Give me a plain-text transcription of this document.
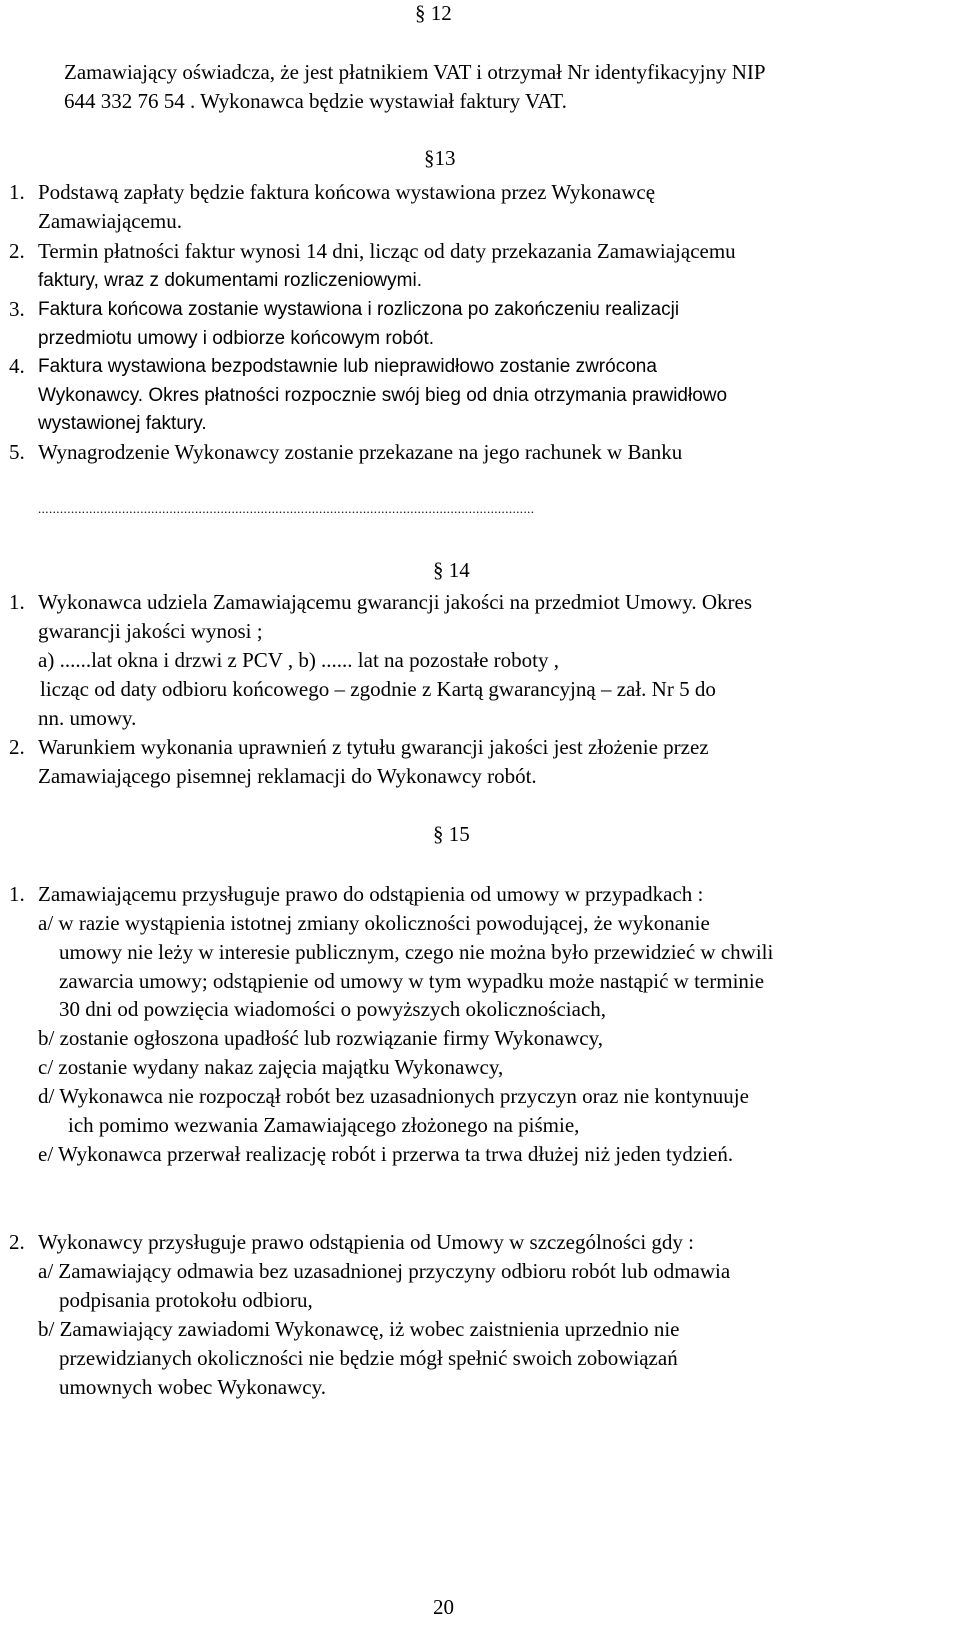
§ 12
Zamawiający oświadcza, że jest płatnikiem VAT i otrzymał Nr identyfikacyjny NIP
644 332 76 54 . Wykonawca będzie wystawiał faktury VAT.
§13
1. Podstawą zapłaty będzie faktura końcowa wystawiona przez Wykonawcę
Zamawiającemu.
2. Termin płatności faktur wynosi 14 dni, licząc od daty przekazania Zamawiającemu
faktury, wraz z dokumentami rozliczeniowymi.
3. Faktura końcowa zostanie wystawiona i rozliczona po zakończeniu realizacji
przedmiotu umowy i odbiorze końcowym robót.
4. Faktura wystawiona bezpodstawnie lub nieprawidłowo zostanie zwrócona
Wykonawcy. Okres płatności rozpocznie swój bieg od dnia otrzymania prawidłowo
wystawionej faktury.
5. Wynagrodzenie Wykonawcy zostanie przekazane na jego rachunek w Banku
........................................................................................................................................
§ 14
1. Wykonawca udziela Zamawiającemu gwarancji jakości na przedmiot Umowy. Okres
gwarancji jakości wynosi ;
a) ......lat okna i drzwi z PCV , b) ...... lat na pozostałe roboty ,
licząc od daty odbioru końcowego – zgodnie z Kartą gwarancyjną – zał. Nr 5 do
nn. umowy.
2. Warunkiem wykonania uprawnień z tytułu gwarancji jakości jest złożenie przez
Zamawiającego pisemnej reklamacji do Wykonawcy robót.
§ 15
1. Zamawiającemu przysługuje prawo do odstąpienia od umowy w przypadkach :
a/ w razie wystąpienia istotnej zmiany okoliczności powodującej, że wykonanie
umowy nie leży w interesie publicznym, czego nie można było przewidzieć w chwili
zawarcia umowy; odstąpienie od umowy w tym wypadku może nastąpić w terminie
30 dni od powzięcia wiadomości o powyższych okolicznościach,
b/ zostanie ogłoszona upadłość lub rozwiązanie firmy Wykonawcy,
c/ zostanie wydany nakaz zajęcia majątku Wykonawcy,
d/ Wykonawca nie rozpoczął robót bez uzasadnionych przyczyn oraz nie kontynuuje
ich pomimo wezwania Zamawiającego złożonego na piśmie,
e/ Wykonawca przerwał realizację robót i przerwa ta trwa dłużej niż jeden tydzień.
2. Wykonawcy przysługuje prawo odstąpienia od Umowy w szczególności gdy :
a/ Zamawiający odmawia bez uzasadnionej przyczyny odbioru robót lub odmawia
podpisania protokołu odbioru,
b/ Zamawiający zawiadomi Wykonawcę, iż wobec zaistnienia uprzednio nie
przewidzianych okoliczności nie będzie mógł spełnić swoich zobowiązań
umownych wobec Wykonawcy.
20
